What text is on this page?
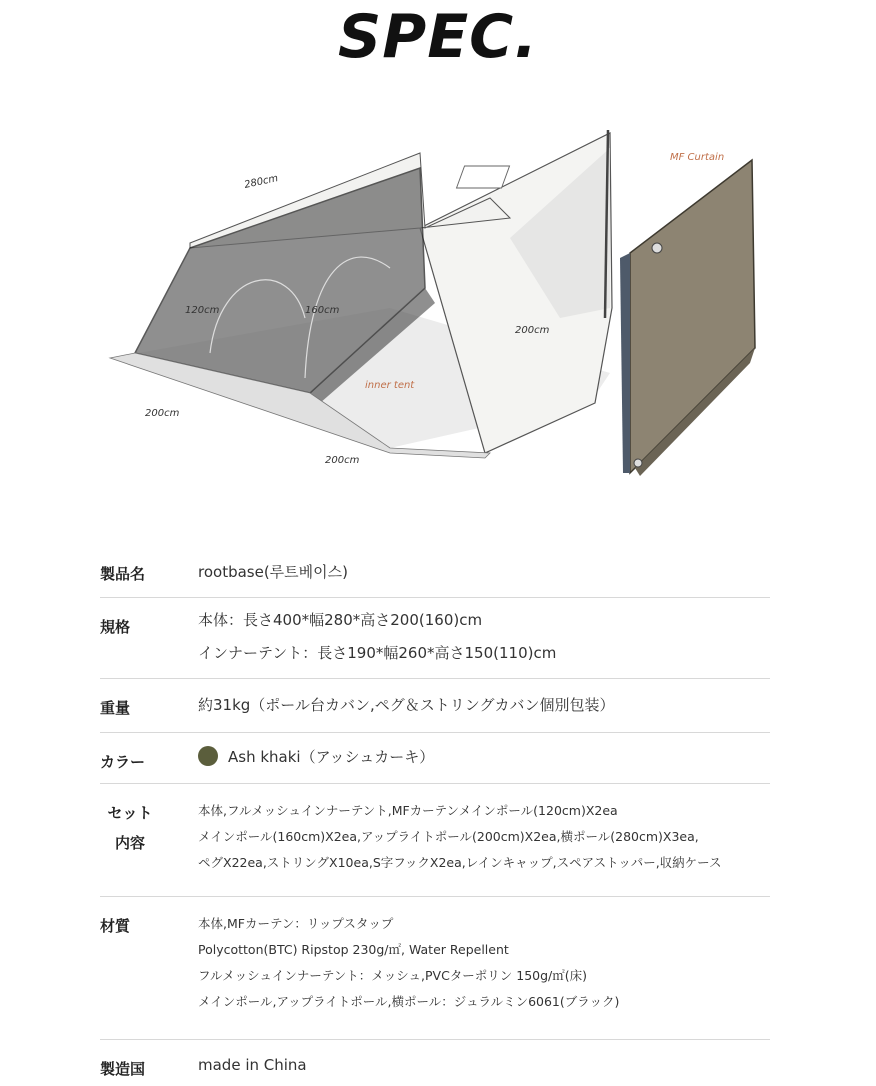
SPEC.
280cm
120cm	160cm
200cm
200cm
200cm
inner tent
MF Curtain
製品名	rootbase(루트베이스)
規格	本体：長さ400*幅280*高さ200(160)cm
インナーテント：長さ190*幅260*高さ150(110)cm
重量	約31kg（ポール台カバン,ペグ＆ストリングカバン個別包装）
カラー	Ash khaki（アッシュカーキ）
セット
内容
本体,フルメッシュインナーテント,MFカーテンメインポール(120cm)X2ea
メインポール(160cm)X2ea,アップライトポール(200cm)X2ea,横ポール(280cm)X3ea,
ペグX22ea,ストリングX10ea,S字フックX2ea,レインキャップ,スペアストッパー,収納ケース
材質	本体,MFカーテン：リップスタップ
Polycotton(BTC) Ripstop 230g/㎡, Water Repellent
フルメッシュインナーテント：メッシュ,PVCターポリン 150g/㎡(床)
メインポール,アップライトポール,横ポール：ジュラルミン6061(ブラック)
製造国	made in China
